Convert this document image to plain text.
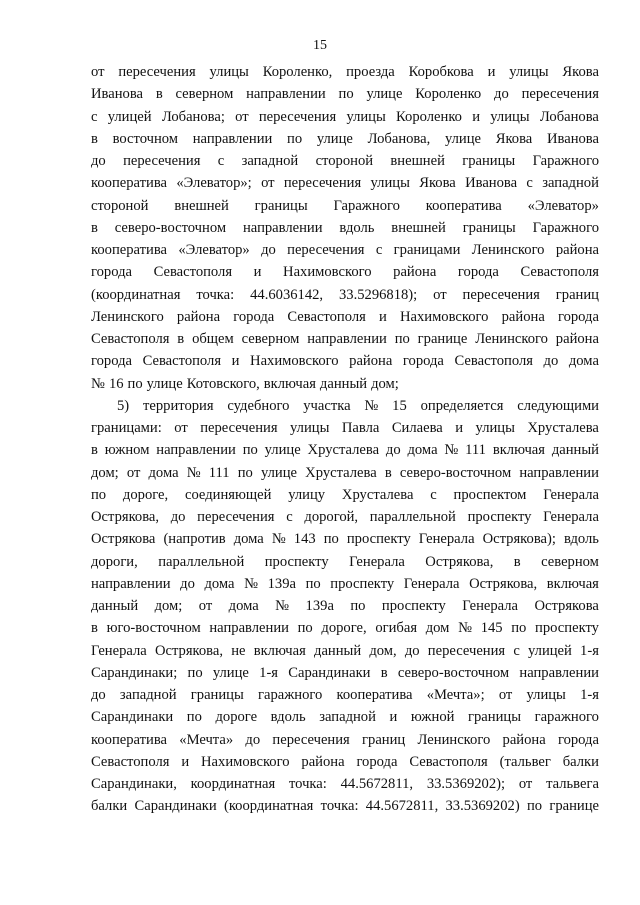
15
от пересечения улицы Короленко, проезда Коробкова и улицы Якова
Иванова в северном направлении по улице Короленко до пересечения
с улицей Лобанова; от пересечения улицы Короленко и улицы Лобанова
в восточном направлении по улице Лобанова, улице Якова Иванова
до пересечения с западной стороной внешней границы Гаражного
кооператива «Элеватор»; от пересечения улицы Якова Иванова с западной
стороной внешней границы Гаражного кооператива «Элеватор»
в северо-восточном направлении вдоль внешней границы Гаражного
кооператива «Элеватор» до пересечения с границами Ленинского района
города Севастополя и Нахимовского района города Севастополя
(координатная точка: 44.6036142, 33.5296818); от пересечения границ
Ленинского района города Севастополя и Нахимовского района города
Севастополя в общем северном направлении по границе Ленинского района
города Севастополя и Нахимовского района города Севастополя до дома
№ 16 по улице Котовского, включая данный дом;
5) территория судебного участка № 15 определяется следующими
границами: от пересечения улицы Павла Силаева и улицы Хрусталева
в южном направлении по улице Хрусталева до дома № 111 включая данный
дом; от дома № 111 по улице Хрусталева в северо-восточном направлении
по дороге, соединяющей улицу Хрусталева с проспектом Генерала
Острякова, до пересечения с дорогой, параллельной проспекту Генерала
Острякова (напротив дома № 143 по проспекту Генерала Острякова); вдоль
дороги, параллельной проспекту Генерала Острякова, в северном
направлении до дома № 139а по проспекту Генерала Острякова, включая
данный дом; от дома № 139а по проспекту Генерала Острякова
в юго-восточном направлении по дороге, огибая дом № 145 по проспекту
Генерала Острякова, не включая данный дом, до пересечения с улицей 1-я
Сарандинаки; по улице 1-я Сарандинаки в северо-восточном направлении
до западной границы гаражного кооператива «Мечта»; от улицы 1-я
Сарандинаки по дороге вдоль западной и южной границы гаражного
кооператива «Мечта» до пересечения границ Ленинского района города
Севастополя и Нахимовского района города Севастополя (тальвег балки
Сарандинаки, координатная точка: 44.5672811, 33.5369202); от тальвега
балки Сарандинаки (координатная точка: 44.5672811, 33.5369202) по границе
